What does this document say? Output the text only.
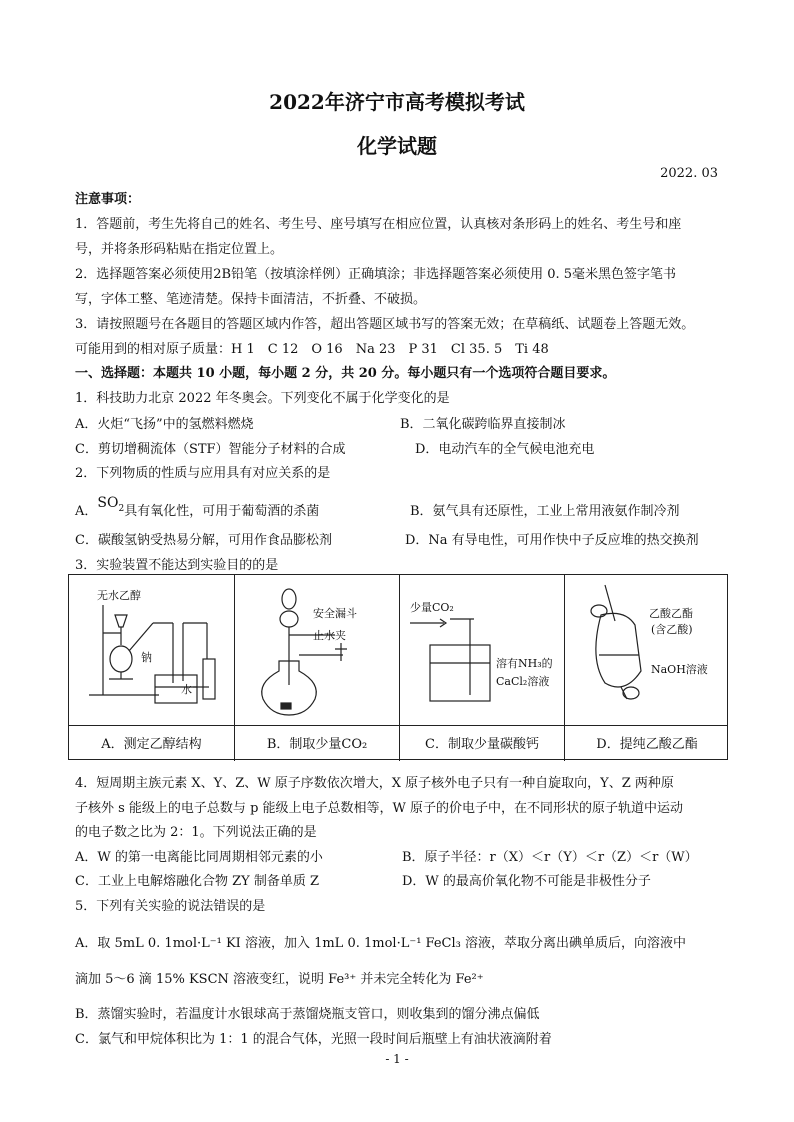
2022年济宁市高考模拟考试
化学试题
2022. 03
注意事项：
1．答题前，考生先将自己的姓名、考生号、座号填写在相应位置，认真核对条形码上的姓名、考生号和座
号，并将条形码粘贴在指定位置上。
2．选择题答案必须使用2B铅笔（按填涂样例）正确填涂；非选择题答案必须使用 0. 5毫米黑色签字笔书
写，字体工整、笔迹清楚。保持卡面清洁，不折叠、不破损。
3．请按照题号在各题目的答题区域内作答，超出答题区域书写的答案无效；在草稿纸、试题卷上答题无效。
可能用到的相对原子质量：H 1　C 12　O 16　Na 23　P 31　Cl 35. 5　Ti 48
一、选择题：本题共 10 小题，每小题 2 分，共 20 分。每小题只有一个选项符合题目要求。
1．科技助力北京 2022 年冬奥会。下列变化不属于化学变化的是
A．火炬“飞扬”中的氢燃料燃烧	B．二氧化碳跨临界直接制冰
C．剪切增稠流体（STF）智能分子材料的合成	D．电动汽车的全气候电池充电
2．下列物质的性质与应用具有对应关系的是
A．$SO_2$具有氧化性，可用于葡萄酒的杀菌	B．氨气具有还原性，工业上常用液氨作制冷剂
C．碳酸氢钠受热易分解，可用作食品膨松剂	D．Na 有导电性，可用作快中子反应堆的热交换剂
3．实验装置不能达到实验目的的是
无水乙醇
钠
水
A．测定乙醇结构
安全漏斗
止水夹
B．制取少量CO₂
少量CO₂
溶有NH₃的
CaCl₂溶液
C．制取少量碳酸钙
乙酸乙酯
(含乙酸)
NaOH溶液
D．提纯乙酸乙酯
4．短周期主族元素 X、Y、Z、W 原子序数依次增大，X 原子核外电子只有一种自旋取向，Y、Z 两种原
子核外 s 能级上的电子总数与 p 能级上电子总数相等，W 原子的价电子中，在不同形状的原子轨道中运动
的电子数之比为 2：1。下列说法正确的是
A．W 的第一电离能比同周期相邻元素的小	B．原子半径：r（X）＜r（Y）＜r（Z）＜r（W）
C．工业上电解熔融化合物 ZY 制备单质 Z	D．W 的最高价氧化物不可能是非极性分子
5．下列有关实验的说法错误的是
A．取 5mL 0. 1mol·L⁻¹ KI 溶液，加入 1mL 0. 1mol·L⁻¹ FeCl₃ 溶液，萃取分离出碘单质后，向溶液中
滴加 5～6 滴 15% KSCN 溶液变红，说明 Fe³⁺ 并未完全转化为 Fe²⁺
B．蒸馏实验时，若温度计水银球高于蒸馏烧瓶支管口，则收集到的馏分沸点偏低
C．氯气和甲烷体积比为 1：1 的混合气体，光照一段时间后瓶壁上有油状液滴附着
- 1 -
